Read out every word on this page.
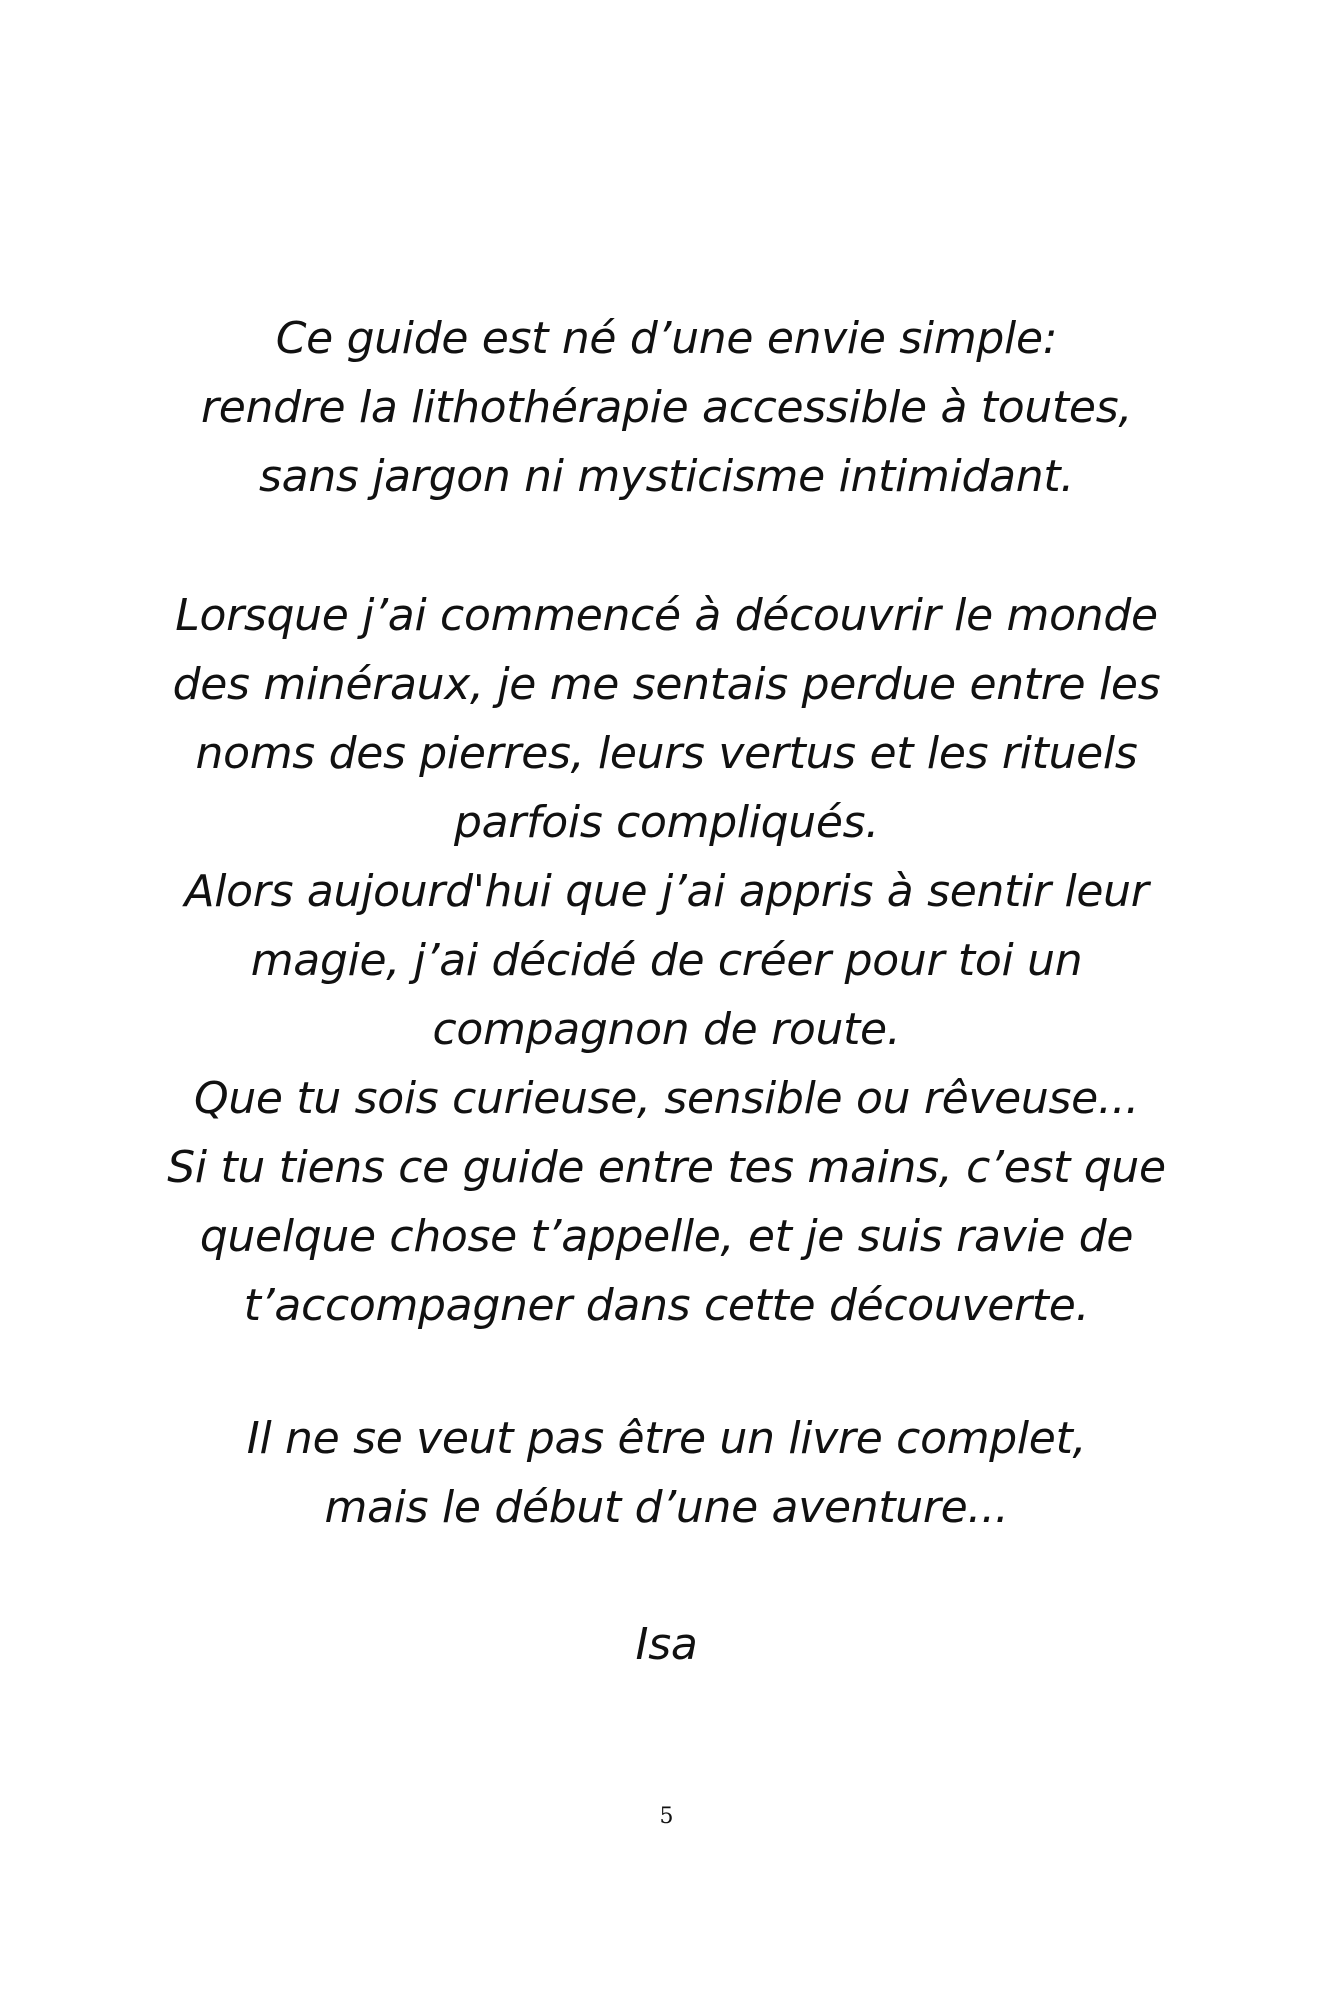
Ce guide est né d’une envie simple:
rendre la lithothérapie accessible à toutes,
sans jargon ni mysticisme intimidant.
Lorsque j’ai commencé à découvrir le monde
des minéraux, je me sentais perdue entre les
noms des pierres, leurs vertus et les rituels
parfois compliqués.
Alors aujourd'hui que j’ai appris à sentir leur
magie, j’ai décidé de créer pour toi un
compagnon de route.
Que tu sois curieuse, sensible ou rêveuse...
Si tu tiens ce guide entre tes mains, c’est que
quelque chose t’appelle, et je suis ravie de
t’accompagner dans cette découverte.
Il ne se veut pas être un livre complet,
mais le début d’une aventure...
Isa
5
